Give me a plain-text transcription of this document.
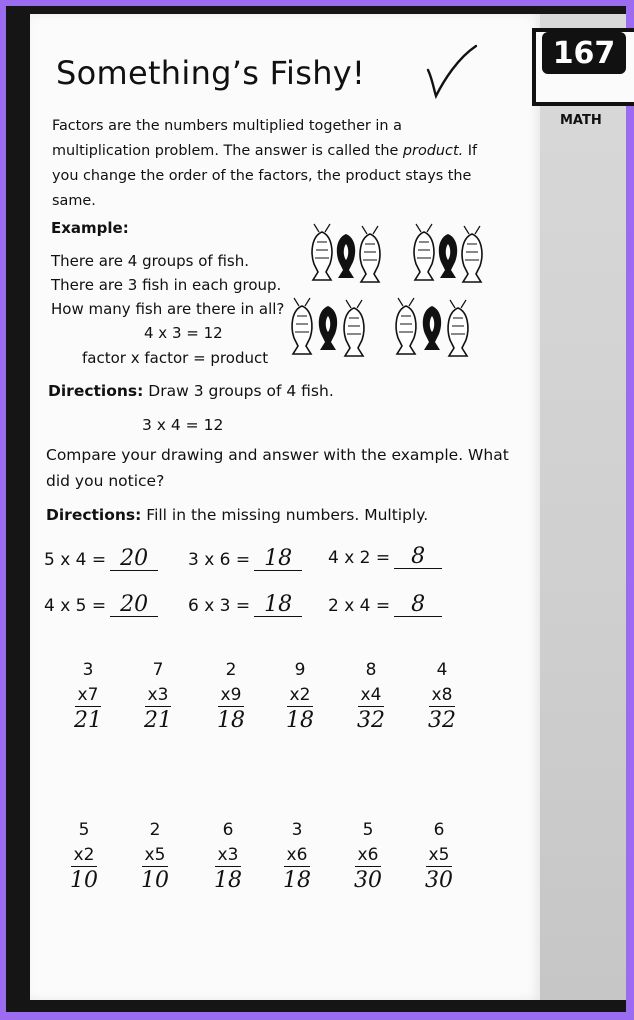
167
MATH
Something’s Fishy!
Factors are the numbers multiplied together in a multiplication problem. The answer is called the product. If you change the order of the factors, the product stays the same.
Example:
There are 4 groups of fish.
There are 3 fish in each group.
How many fish are there in all?
4 x 3 = 12
factor x factor = product
Directions: Draw 3 groups of 4 fish.
3 x 4 = 12
Compare your drawing and answer with the example. What
did you notice?
Directions: Fill in the missing numbers. Multiply.
5 x 4 = 20	3 x 6 = 18	4 x 2 = 8
4 x 5 = 20	6 x 3 = 18	2 x 4 = 8
3
x7
21
7
x3
21
2
x9
18
9
x2
18
8
x4
32
4
x8
32
5
x2
10
2
x5
10
6
x3
18
3
x6
18
5
x6
30
6
x5
30
